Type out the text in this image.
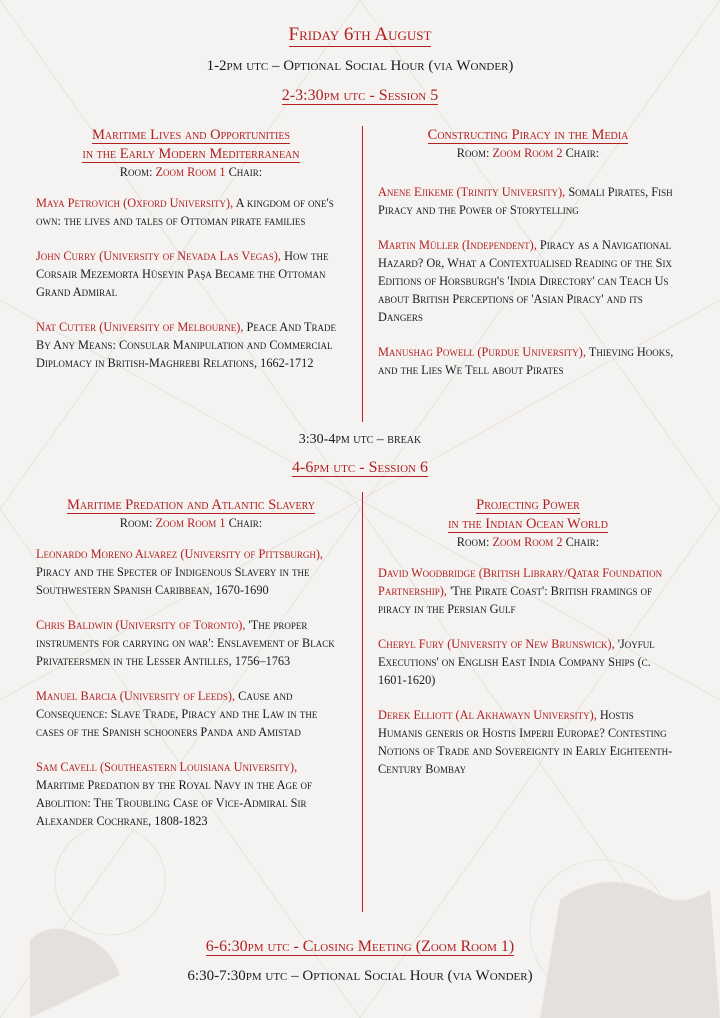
Friday 6th August
1-2pm utc – Optional Social Hour (via Wonder)
2-3:30pm utc - Session 5
Maritime Lives and Opportunities
in the Early Modern Mediterranean
Room: Zoom Room 1 Chair:
Maya Petrovich (Oxford University), A kingdom of one's own: the lives and tales of Ottoman pirate families
John Curry (University of Nevada Las Vegas), How the Corsair Mezemorta Hüseyin Paşa Became the Ottoman Grand Admiral
Nat Cutter (University of Melbourne), Peace And Trade By Any Means: Consular Manipulation and Commercial Diplomacy in British-Maghrebi Relations, 1662-1712
Constructing Piracy in the Media
Room: Zoom Room 2 Chair:
Anene Ejikeme (Trinity University), Somali Pirates, Fish Piracy and the Power of Storytelling
Martin Müller (Independent), Piracy as a Navigational Hazard? Or, What a Contextualised Reading of the Six Editions of Horsburgh's 'India Directory' can Teach Us about British Perceptions of 'Asian Piracy' and its Dangers
Manushag Powell (Purdue University), Thieving Hooks, and the Lies We Tell about Pirates
3:30-4pm utc – break
4-6pm utc - Session 6
Maritime Predation and Atlantic Slavery
Room: Zoom Room 1 Chair:
Leonardo Moreno Alvarez (University of Pittsburgh), Piracy and the Specter of Indigenous Slavery in the Southwestern Spanish Caribbean, 1670-1690
Chris Baldwin (University of Toronto), 'The proper instruments for carrying on war': Enslavement of Black Privateersmen in the Lesser Antilles, 1756–1763
Manuel Barcia (University of Leeds), Cause and Consequence: Slave Trade, Piracy and the Law in the cases of the Spanish schooners Panda and Amistad
Sam Cavell (Southeastern Louisiana University), Maritime Predation by the Royal Navy in the Age of Abolition: The Troubling Case of Vice-Admiral Sir Alexander Cochrane, 1808-1823
Projecting Power
in the Indian Ocean World
Room: Zoom Room 2 Chair:
David Woodbridge (British Library/Qatar Foundation Partnership), 'The Pirate Coast': British framings of piracy in the Persian Gulf
Cheryl Fury (University of New Brunswick), 'Joyful Executions' on English East India Company Ships (c. 1601-1620)
Derek Elliott (Al Akhawayn University), Hostis Humanis generis or Hostis Imperii Europae? Contesting Notions of Trade and Sovereignty in Early Eighteenth-Century Bombay
6-6:30pm utc - Closing Meeting (Zoom Room 1)
6:30-7:30pm utc – Optional Social Hour (via Wonder)
